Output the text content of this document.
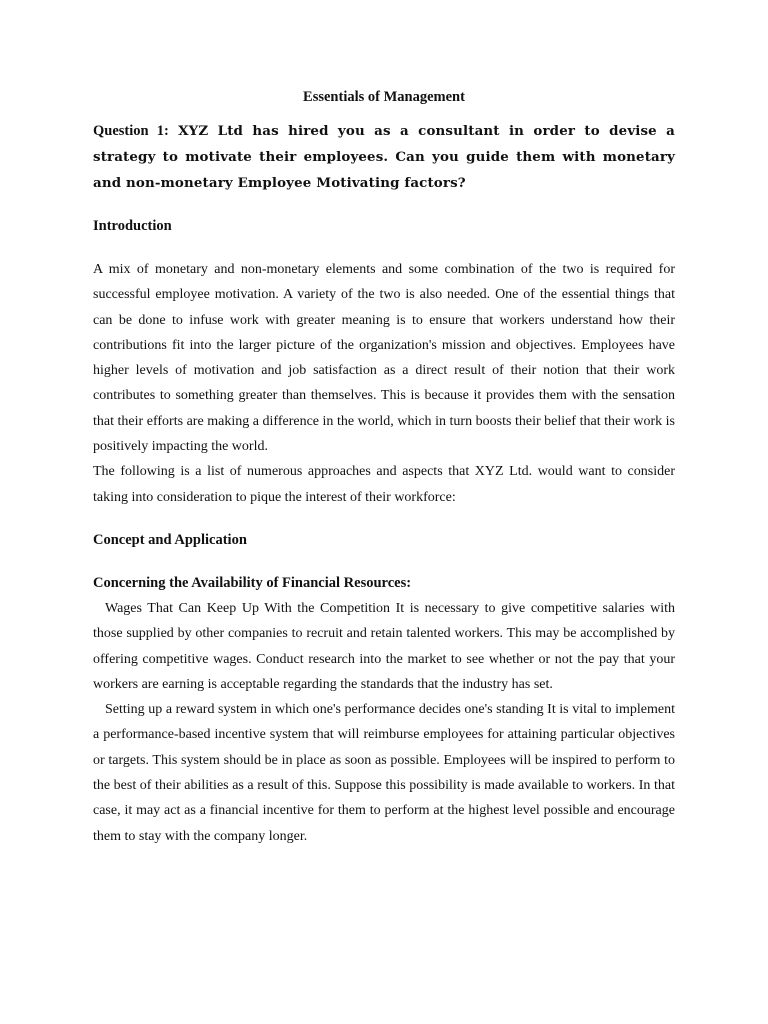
Essentials of Management
Question 1: XYZ Ltd has hired you as a consultant in order to devise a strategy to motivate their employees. Can you guide them with monetary and non-monetary Employee Motivating factors?
Introduction

A mix of monetary and non-monetary elements and some combination of the two is required for successful employee motivation. A variety of the two is also needed. One of the essential things that can be done to infuse work with greater meaning is to ensure that workers understand how their contributions fit into the larger picture of the organization's mission and objectives. Employees have higher levels of motivation and job satisfaction as a direct result of their notion that their work contributes to something greater than themselves. This is because it provides them with the sensation that their efforts are making a difference in the world, which in turn boosts their belief that their work is positively impacting the world.

The following is a list of numerous approaches and aspects that XYZ Ltd. would want to consider taking into consideration to pique the interest of their workforce:

Concept and Application
Concerning the Availability of Financial Resources:

Wages That Can Keep Up With the Competition It is necessary to give competitive salaries with those supplied by other companies to recruit and retain talented workers. This may be accomplished by offering competitive wages. Conduct research into the market to see whether or not the pay that your workers are earning is acceptable regarding the standards that the industry has set.

Setting up a reward system in which one's performance decides one's standing It is vital to implement a performance-based incentive system that will reimburse employees for attaining particular objectives or targets. This system should be in place as soon as possible. Employees will be inspired to perform to the best of their abilities as a result of this. Suppose this possibility is made available to workers. In that case, it may act as a financial incentive for them to perform at the highest level possible and encourage them to stay with the company longer.
